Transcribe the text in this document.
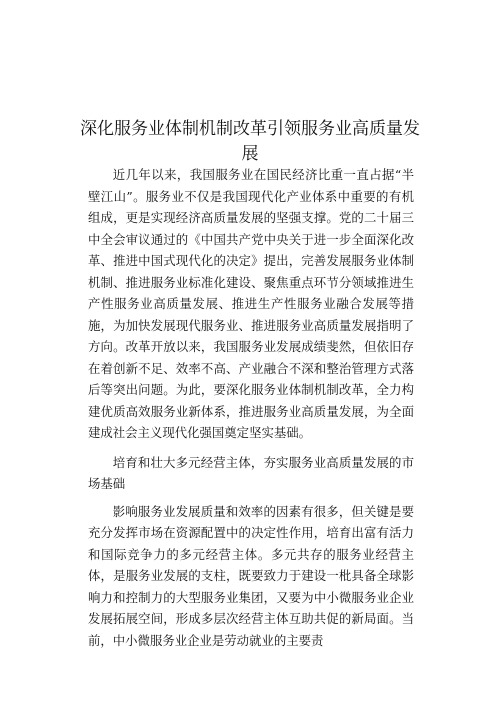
深化服务业体制机制改革引领服务业高质量发展

近几年以来，我国服务业在国民经济比重一直占据“半壁江山”。服务业不仅是我国现代化产业体系中重要的有机组成，更是实现经济高质量发展的坚强支撑。党的二十届三中全会审议通过的《中国共产党中央关于进一步全面深化改革、推进中国式现代化的决定》提出，完善发展服务业体制机制、推进服务业标准化建设、聚焦重点环节分领域推进生产性服务业高质量发展、推进生产性服务业融合发展等措施，为加快发展现代服务业、推进服务业高质量发展指明了方向。改革开放以来，我国服务业发展成绩斐然，但依旧存在着创新不足、效率不高、产业融合不深和整治管理方式落后等突出问题。为此，要深化服务业体制机制改革，全力构建优质高效服务业新体系，推进服务业高质量发展，为全面建成社会主义现代化强国奠定坚实基础。

培育和壮大多元经营主体，夯实服务业高质量发展的市场基础

影响服务业发展质量和效率的因素有很多，但关键是要充分发挥市场在资源配置中的决定性作用，培育出富有活力和国际竞争力的多元经营主体。多元共存的服务业经营主体，是服务业发展的支柱，既要致力于建设一枇具备全球影响力和控制力的大型服务业集团，又要为中小微服务业企业发展拓展空间，形成多层次经营主体互助共促的新局面。当前，中小微服务业企业是劳动就业的主要责
